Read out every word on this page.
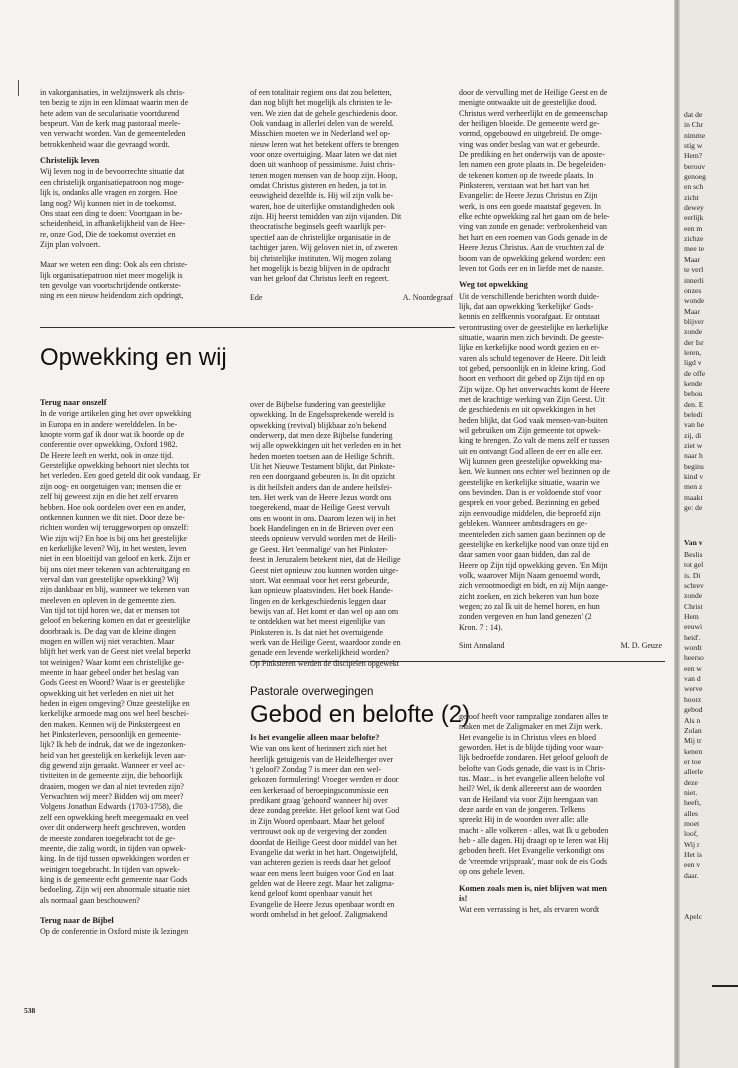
in vakorganisaties, in welzijnswerk als chris-
ten bezig te zijn in een klimaat waarin men de
hete adem van de secularisatie voortdurend
bespeurt. Van de kerk mag pastoraal meele-
ven verwacht worden. Van de gemeenteleden
betrokkenheid waar die gevraagd wordt.

Christelijk leven

Wij leven nog in de bevoorrechte situatie dat
een christelijk organisatiepatroon nog moge-
lijk is, ondanks alle vragen en zorgen. Hoe
lang nog? Wij kunnen niet in de toekomst.
Ons staat een ding te doen: Voortgaan in be-
scheidenheid, in afhankelijkheid van de Hee-
re, onze God, Die de toekomst overziet en
Zijn plan volvoert.

Maar we weten een ding: Ook als een christe-
lijk organisatiepatroon niet meer mogelijk is
ten gevolge van voortschrijdende ontkerste-
ning en een nieuw heidendom zich opdringt,

of een totalitair regiem ons dat zou beletten,
dan nog blijft het mogelijk als christen te le-
ven. We zien dat de gehele geschiedenis door.
Ook vandaag in allerlei delen van de wereld.
Misschien moeten we in Nederland wel op-
nieuw leren wat het betekent offers te brengen
voor onze overtuiging. Maar laten we dat niet
doen uit wanhoop of pessimisme. Juist chris-
tenen mogen mensen van de hoop zijn. Hoop,
omdat Christus gisteren en heden, ja tot in
eeuwigheid dezelfde is. Hij wil zijn volk be-
waren, hoe de uiterlijke omstandigheden ook
zijn. Hij heerst temidden van zijn vijanden. Dit
theocratische beginsels geeft waarlijk per-
spectief aan de christelijke organisatie in de
tachtiger jaren. Wij geloven niet in, of zweren
bij christelijke instituten. Wij mogen zolang
het mogelijk is bezig blijven in de opdracht
van het geloof dat Christus leeft en regeert.

Ede	A. Noordegraaf
Opwekking en wij
Terug naar onszelf

In de vorige artikelen ging het over opwekking
in Europa en in andere werelddelen. In be-
knopte vorm gaf ik door wat ik hoorde op de
conferentie over opwekking, Oxford 1982.
De Heere leeft en werkt, ook in onze tijd.
Geestelijke opwekking behoort niet slechts tot
het verleden. Een goed geteld dit ook vandaag. Er
zijn oog- en oorgetuigen van; mensen die er
zelf bij geweest zijn en die het zelf ervaren
hebben. Hoe ook oordelen over een en ander,
ontkennen kunnen we dit niet. Door deze be-
richten worden wij teruggeworpen op onszelf:
Wie zijn wij? En hoe is bij ons het geestelijke
en kerkelijke leven? Wij, in het westen, leven
niet in een bloeitijd van geloof en kerk. Zijn er
bij ons niet meer tekenen van achteruitgang en
verval dan van geestelijke opwekking? Wij
zijn dankbaar en blij, wanneer we tekenen van
meeleven en opleven in de gemeente zien.
Van tijd tot tijd horen we, dat er mensen tot
geloof en bekering komen en dat er geestelijke
doorbraak is. De dag van de kleine dingen
mogen en willen wij niet verachten. Maar
blijft het werk van de Geest niet veelal beperkt
tot weinigen? Waar komt een christelijke ge-
meente in haar geheel onder het beslag van
Gods Geest en Woord? Waar is er geestelijke
opwekking uit het verleden en niet uit het
heden in eigen omgeving? Onze geestelijke en
kerkelijke armoede mag ons wel heel beschei-
den maken. Kennen wij de Pinkstergeest en
het Pinksterleven, persoonlijk en gemeente-
lijk? Ik heb de indruk, dat we de ingezonken-
heid van het geestelijk en kerkelijk leven aar-
dig gewend zijn geraakt. Wanneer er veel ac-
tiviteiten in de gemeente zijn, die behoorlijk
draaien, mogen we dan al niet tevreden zijn?
Verwachten wij meer? Bidden wij om meer?
Volgens Jonathan Edwards (1703-1758), die
zelf een opwekking heeft meegemaakt en veel
over dit onderwerp heeft geschreven, worden
de meeste zondaren toegebracht tot de ge-
meente, die zalig wordt, in tijden van opwek-
king. In de tijd tussen opwekkingen worden er
weinigen toegebracht. In tijden van opwek-
king is de gemeente echt gemeente naar Gods
bedoeling. Zijn wij een abnormale situatie niet
als normaal gaan beschouwen?

Terug naar de Bijbel

Op de conferentie in Oxford miste ik lezingen

over de Bijbelse fundering van geestelijke
opwekking. In de Engelssprekende wereld is
opwekking (revival) blijkbaar zo'n bekend
onderwerp, dat men deze Bijbelse fundering
wij alle opwekkingen uit het verleden en in het
heden moeten toetsen aan de Heilige Schrift.
Uit het Nieuwe Testament blijkt, dat Pinkste-
ren een doorgaand gebeuren is. In dit opzicht
is dit heilsfeit anders dan de andere heilsfei-
ten. Het werk van de Heere Jezus wordt ons
toegerekend, maar de Heilige Geest vervult
ons en woont in ons. Daarom lezen wij in het
boek Handelingen en in de Brieven over een
steeds opnieuw vervuld worden met de Heili-
ge Geest. Het 'eenmalige' van het Pinkster-
feest in Jeruzalem betekent niet, dat de Heilige
Geest niet opnieuw zou kunnen worden uitge-
stort. Wat eenmaal voor het eerst gebeurde,
kan opnieuw plaatsvinden. Het boek Hande-
lingen en de kerkgeschiedenis leggen daar
bewijs van af. Het komt er dan wel op aan om
te ontdekken wat het meest eigenlijke van
Pinksteren is. Is dat niet het overtuigende
werk van de Heilige Geest, waardoor zonde en
genade een levende werkelijkheid worden?

Op Pinksteren werden de discipelen opgewekt

door de vervulling met de Heilige Geest en de
menigte ontwaakte uit de geestelijke dood.
Christus werd verheerlijkt en de gemeenschap
der heiligen bloeide. De gemeente werd ge-
vormd, opgebouwd en uitgebreid. De omge-
ving was onder beslag van wat er gebeurde.
De prediking en het onderwijs van de aposte-
len namen een grote plaats in. De begeleiden-
de tekenen komen op de tweede plaats. In
Pinksteren, verstaan wat het hart van het
Evangelie: de Heere Jezus Christus en Zijn
werk, is ons een goede maatstaf gegeven. In
elke echte opwekking zal het gaan om de bele-
ving van zonde en genade: verbrokenheid van
het hart en een roemen van Gods genade in de
Heere Jezus Christus. Aan de vruchten zal de
boom van de opwekking gekend worden: een
leven tot Gods eer en in liefde met de naaste.

Weg tot opwekking

Uit de verschillende berichten wordt duide-
lijk, dat aan opwekking 'kerkelijke' Gods-
kennis en zelfkennis voorafgaat. Er ontstaat
verontrusting over de geestelijke en kerkelijke
situatie, waarin men zich bevindt. De geeste-
lijke en kerkelijke nood wordt gezien en er-
varen als schuld tegenover de Heere. Dit leidt
tot gebed, persoonlijk en in kleine kring. God
hoort en verhoort dit gebed op Zijn tijd en op
Zijn wijze. Op het onverwachts komt de Heere
met de krachtige werking van Zijn Geest. Uit
de geschiedenis en uit opwekkingen in het
heden blijkt, dat God vaak mensen-van-buiten
wil gebruiken om Zijn gemeente tot opwek-
king te brengen. Zo valt de mens zelf er tussen
uit en ontvangt God alleen de eer en alle eer.
Wij kunnen geen geestelijke opwekking ma-
ken. We kunnen ons echter wel bezinnen op de
geestelijke en kerkelijke situatie, waarin we
ons bevinden. Dan is er voldoende stof voor
gesprek en voor gebed. Bezinning en gebed
zijn eenvoudige middelen, die beproefd zijn
gebleken. Wanneer ambtsdragers en ge-
meenteleden zich samen gaan bezinnen op de
geestelijke en kerkelijke nood van onze tijd en
daar samen voor gaan bidden, dan zal de
Heere op Zijn tijd opwekking geven. 'En Mijn
volk, waarover Mijn Naam genoemd wordt,
zich verootmoedigt en bidt, en zij Mijn aange-
zicht zoeken, en zich bekeren van hun boze
wegen; zo zal Ik uit de hemel horen, en hun
zonden vergeven en hun land genezen' (2
Kron. 7 : 14).

Sint Annaland	M. D. Geuze
Pastorale overwegingen
Gebod en belofte (2)
Is het evangelie alleen maar belofte?

Wie van ons kent of herinnert zich niet het
heerlijk getuigenis van de Heidelberger over
't geloof? Zondag 7 is meer dan een wel-
gekozen formulering! Vroeger werden er door
een kerkeraad of beroepingscommissie een
predikant graag 'gehoord' wanneer hij over
deze zondag preekte. Het geloof kent wat God
in Zijn Woord openbaart. Maar het geloof
vertrouwt ook op de vergeving der zonden
doordat de Heilige Geest door middel van het
Evangelie dat werkt in het hart. Ongetwijfeld,
van achteren gezien is reeds daar het geloof
waar een mens leert buigen voor God en laat
gelden wat de Heere zegt. Maar het zaligma-
kend geloof komt openbaar vanuit het
Evangelie de Heere Jezus openbaar wordt en
wordt omhelsd in het geloof. Zaligmakend

geloof heeft voor rampzalige zondaren alles te
maken met de Zaligmaker en met Zijn werk.
Het evangelie is in Christus vlees en bloed
geworden. Het is de blijde tijding voor waar-
lijk bedroefde zondaren. Het geloof gelooft de
belofte van Gods genade, die vast is in Chris-
tus. Maar... is het evangelie alleen belofte vol
heil? Wel, ik denk allereerst aan de woorden
van de Heiland via voor Zijn heengaan van
deze aarde en van de jongeren. Telkens
spreekt Hij in de woorden over alle: alle
macht - alle volkeren - alles, wat Ik u geboden
heb - alle dagen. Hij draagt op te leren wat Hij
geboden heeft. Het Evangelie verkondigt ons
de 'vreemde vrijspraak', maar ook de eis Gods
op ons gehele leven.

Komen zoals men is, niet blijven wat men
is!

Wat een verrassing is het, als ervaren wordt

538
dat de
in Chr
nimme
stig w
Hem?
berouv
genoeg
en sch
zicht
dewey
eerlijk
een m
zichze
mee te
Maar
te verl
innerli
onzes
wonde
Maar
blijver
zonde
der Isr
leren,
ligd v
de offe
kende
behou
den. E
beledi
van he
zij, di
ziet w
naar h
begins
kind v
men z
maakt
ge: de
Van v
Beslis
tot gel
is. Di
schrev
zonde
Christ
Hem
eeuwi
heid'.
wordt
heerso
een w
van d
werve
hoorz
gebod
Als n
Zolan
Mij tr
kenen
er toe
allerle
deze
niet.
heeft,
alles
moet
loof,
Wij r
Het is
een v
daar.
Apelc
